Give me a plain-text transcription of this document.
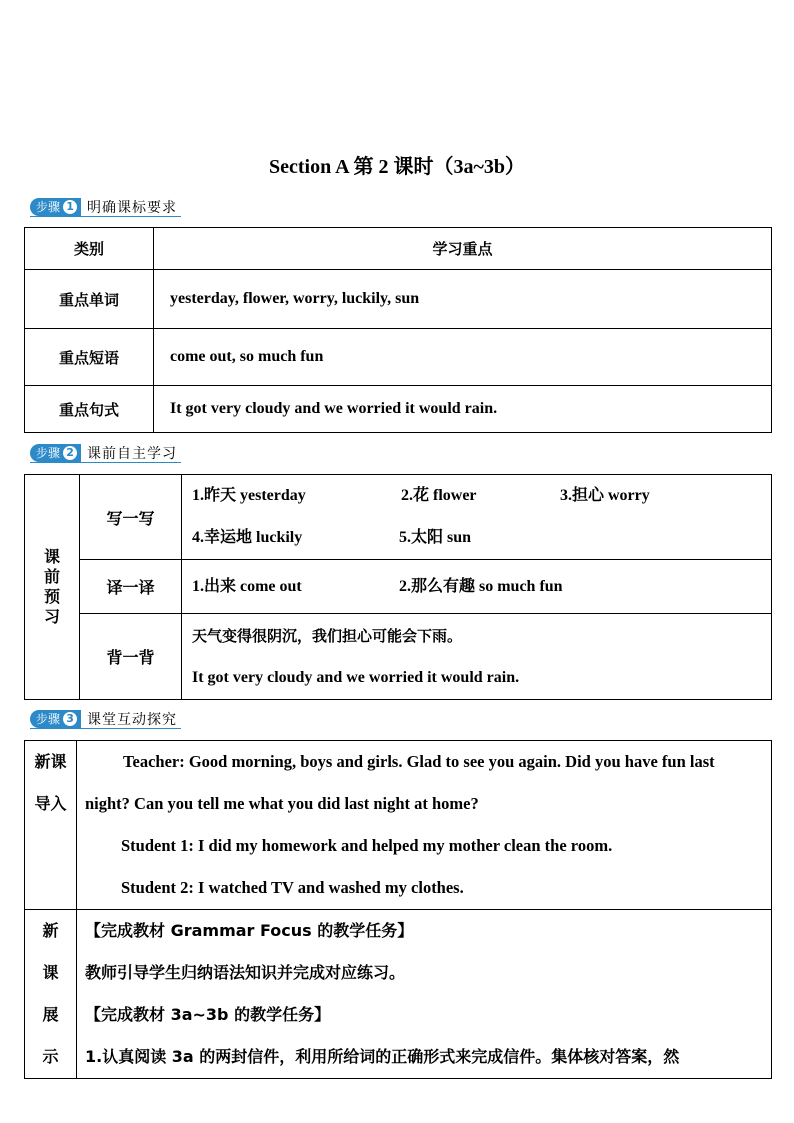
Section A 第 2 课时（3a~3b）
步骤 1 明确课标要求
类别	学习重点
重点单词	yesterday, flower, worry, luckily, sun
重点短语	come out, so much fun
重点句式	It got very cloudy and we worried it would rain.
步骤 2 课前自主学习
课前预习	写一写	1.昨天 yesterday 2.花 flower 3.担心 worry
4.幸运地 luckily 5.太阳 sun

	译一译	1.出来 come out 2.那么有趣 so much fun

	背一背	天气变得很阴沉，我们担心可能会下雨。
It got very cloudy and we worried it would rain.
步骤 3 课堂互动探究
新课导入	Teacher: Good morning, boys and girls. Glad to see you again. Did you have fun last night? Can you tell me what you did last night at home?
Student 1: I did my homework and helped my mother clean the room.
Student 2: I watched TV and washed my clothes.

新课展示	【完成教材 Grammar Focus 的教学任务】
教师引导学生归纳语法知识并完成对应练习。
【完成教材 3a~3b 的教学任务】
1.认真阅读 3a 的两封信件，利用所给词的正确形式来完成信件。集体核对答案，然
